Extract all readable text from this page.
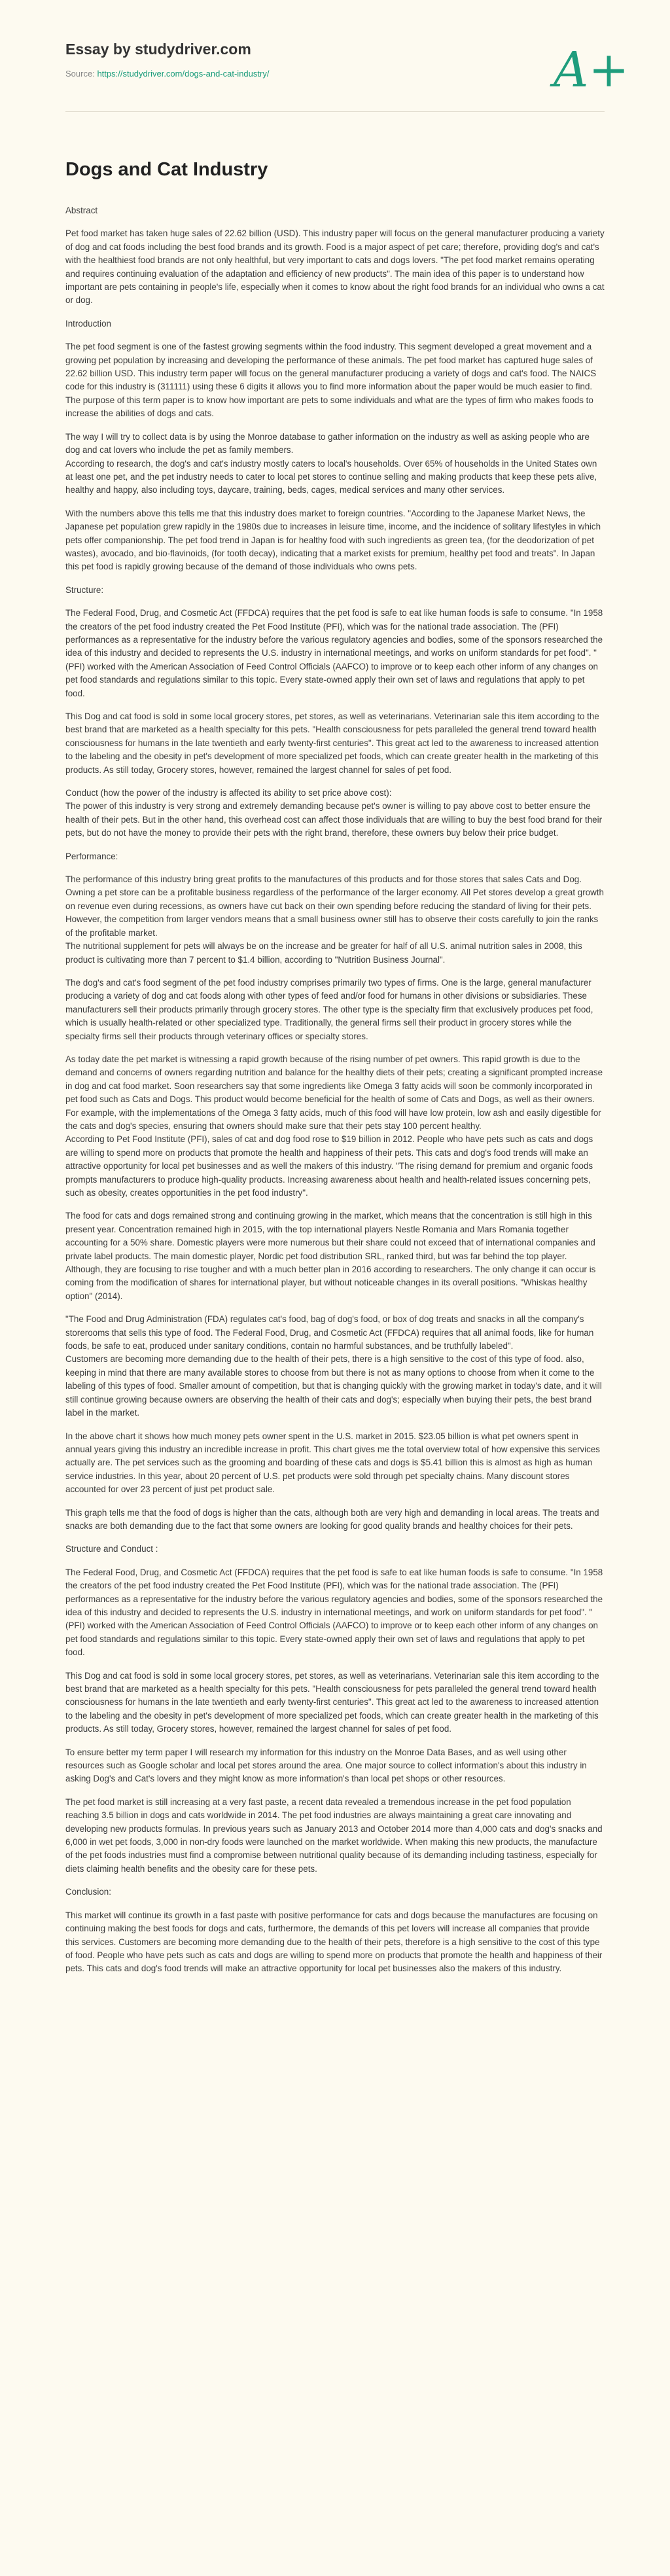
Essay by studydriver.com
Source: https://studydriver.com/dogs-and-cat-industry/	A+
Dogs and Cat Industry

Abstract

Pet food market has taken huge sales of 22.62 billion (USD). This industry paper will focus on the general manufacturer producing a variety of dog and cat foods including the best food brands and its growth. Food is a major aspect of pet care; therefore, providing dog's and cat's with the healthiest food brands are not only healthful, but very important to cats and dogs lovers. "The pet food market remains operating and requires continuing evaluation of the adaptation and efficiency of new products". The main idea of this paper is to understand how important are pets containing in people's life, especially when it comes to know about the right food brands for an individual who owns a cat or dog.

Introduction

The pet food segment is one of the fastest growing segments within the food industry. This segment developed a great movement and a growing pet population by increasing and developing the performance of these animals. The pet food market has captured huge sales of 22.62 billion USD. This industry term paper will focus on the general manufacturer producing a variety of dogs and cat's food. The NAICS code for this industry is (311111) using these 6 digits it allows you to find more information about the paper would be much easier to find. The purpose of this term paper is to know how important are pets to some individuals and what are the types of firm who makes foods to increase the abilities of dogs and cats.

The way I will try to collect data is by using the Monroe database to gather information on the industry as well as asking people who are dog and cat lovers who include the pet as family members.
According to research, the dog's and cat's industry mostly caters to local's households. Over 65% of households in the United States own at least one pet, and the pet industry needs to cater to local pet stores to continue selling and making products that keep these pets alive, healthy and happy, also including toys, daycare, training, beds, cages, medical services and many other services.

With the numbers above this tells me that this industry does market to foreign countries. "According to the Japanese Market News, the Japanese pet population grew rapidly in the 1980s due to increases in leisure time, income, and the incidence of solitary lifestyles in which pets offer companionship. The pet food trend in Japan is for healthy food with such ingredients as green tea, (for the deodorization of pet wastes), avocado, and bio-flavinoids, (for tooth decay), indicating that a market exists for premium, healthy pet food and treats". In Japan this pet food is rapidly growing because of the demand of those individuals who owns pets.

Structure:

The Federal Food, Drug, and Cosmetic Act (FFDCA) requires that the pet food is safe to eat like human foods is safe to consume. "In 1958 the creators of the pet food industry created the Pet Food Institute (PFI), which was for the national trade association. The (PFI) performances as a representative for the industry before the various regulatory agencies and bodies, some of the sponsors researched the idea of this industry and decided to represents the U.S. industry in international meetings, and works on uniform standards for pet food". "(PFI) worked with the American Association of Feed Control Officials (AAFCO) to improve or to keep each other inform of any changes on pet food standards and regulations similar to this topic. Every state-owned apply their own set of laws and regulations that apply to pet food.

This Dog and cat food is sold in some local grocery stores, pet stores, as well as veterinarians. Veterinarian sale this item according to the best brand that are marketed as a health specialty for this pets. "Health consciousness for pets paralleled the general trend toward health consciousness for humans in the late twentieth and early twenty-first centuries". This great act led to the awareness to increased attention to the labeling and the obesity in pet's development of more specialized pet foods, which can create greater health in the marketing of this products. As still today, Grocery stores, however, remained the largest channel for sales of pet food.

Conduct (how the power of the industry is affected its ability to set price above cost):
The power of this industry is very strong and extremely demanding because pet's owner is willing to pay above cost to better ensure the health of their pets. But in the other hand, this overhead cost can affect those individuals that are willing to buy the best food brand for their pets, but do not have the money to provide their pets with the right brand, therefore, these owners buy below their price budget.

Performance:

The performance of this industry bring great profits to the manufactures of this products and for those stores that sales Cats and Dog. Owning a pet store can be a profitable business regardless of the performance of the larger economy. All Pet stores develop a great growth on revenue even during recessions, as owners have cut back on their own spending before reducing the standard of living for their pets. However, the competition from larger vendors means that a small business owner still has to observe their costs carefully to join the ranks of the profitable market.
The nutritional supplement for pets will always be on the increase and be greater for half of all U.S. animal nutrition sales in 2008, this product is cultivating more than 7 percent to $1.4 billion, according to "Nutrition Business Journal".

The dog's and cat's food segment of the pet food industry comprises primarily two types of firms. One is the large, general manufacturer producing a variety of dog and cat foods along with other types of feed and/or food for humans in other divisions or subsidiaries. These manufacturers sell their products primarily through grocery stores. The other type is the specialty firm that exclusively produces pet food, which is usually health-related or other specialized type. Traditionally, the general firms sell their product in grocery stores while the specialty firms sell their products through veterinary offices or specialty stores.

As today date the pet market is witnessing a rapid growth because of the rising number of pet owners. This rapid growth is due to the demand and concerns of owners regarding nutrition and balance for the healthy diets of their pets; creating a significant prompted increase in dog and cat food market. Soon researchers say that some ingredients like Omega 3 fatty acids will soon be commonly incorporated in pet food such as Cats and Dogs. This product would become beneficial for the health of some of Cats and Dogs, as well as their owners. For example, with the implementations of the Omega 3 fatty acids, much of this food will have low protein, low ash and easily digestible for the cats and dog's species, ensuring that owners should make sure that their pets stay 100 percent healthy.
According to Pet Food Institute (PFI), sales of cat and dog food rose to $19 billion in 2012. People who have pets such as cats and dogs are willing to spend more on products that promote the health and happiness of their pets. This cats and dog's food trends will make an attractive opportunity for local pet businesses and as well the makers of this industry. "The rising demand for premium and organic foods prompts manufacturers to produce high-quality products. Increasing awareness about health and health-related issues concerning pets, such as obesity, creates opportunities in the pet food industry".

The food for cats and dogs remained strong and continuing growing in the market, which means that the concentration is still high in this present year. Concentration remained high in 2015, with the top international players Nestle Romania and Mars Romania together accounting for a 50% share. Domestic players were more numerous but their share could not exceed that of international companies and private label products. The main domestic player, Nordic pet food distribution SRL, ranked third, but was far behind the top player. Although, they are focusing to rise tougher and with a much better plan in 2016 according to researchers. The only change it can occur is coming from the modification of shares for international player, but without noticeable changes in its overall positions. "Whiskas healthy option" (2014).

"The Food and Drug Administration (FDA) regulates cat's food, bag of dog's food, or box of dog treats and snacks in all the company's storerooms that sells this type of food. The Federal Food, Drug, and Cosmetic Act (FFDCA) requires that all animal foods, like for human foods, be safe to eat, produced under sanitary conditions, contain no harmful substances, and be truthfully labeled".
Customers are becoming more demanding due to the health of their pets, there is a high sensitive to the cost of this type of food. also, keeping in mind that there are many available stores to choose from but there is not as many options to choose from when it come to the labeling of this types of food. Smaller amount of competition, but that is changing quickly with the growing market in today's date, and it will still continue growing because owners are observing the health of their cats and dog's; especially when buying their pets, the best brand label in the market.

In the above chart it shows how much money pets owner spent in the U.S. market in 2015. $23.05 billion is what pet owners spent in annual years giving this industry an incredible increase in profit. This chart gives me the total overview total of how expensive this services actually are. The pet services such as the grooming and boarding of these cats and dogs is $5.41 billion this is almost as high as human service industries. In this year, about 20 percent of U.S. pet products were sold through pet specialty chains. Many discount stores accounted for over 23 percent of just pet product sale.

This graph tells me that the food of dogs is higher than the cats, although both are very high and demanding in local areas. The treats and snacks are both demanding due to the fact that some owners are looking for good quality brands and healthy choices for their pets.

Structure and Conduct :

The Federal Food, Drug, and Cosmetic Act (FFDCA) requires that the pet food is safe to eat like human foods is safe to consume. "In 1958 the creators of the pet food industry created the Pet Food Institute (PFI), which was for the national trade association. The (PFI) performances as a representative for the industry before the various regulatory agencies and bodies, some of the sponsors researched the idea of this industry and decided to represents the U.S. industry in international meetings, and work on uniform standards for pet food". "(PFI) worked with the American Association of Feed Control Officials (AAFCO) to improve or to keep each other inform of any changes on pet food standards and regulations similar to this topic. Every state-owned apply their own set of laws and regulations that apply to pet food.

This Dog and cat food is sold in some local grocery stores, pet stores, as well as veterinarians. Veterinarian sale this item according to the best brand that are marketed as a health specialty for this pets. "Health consciousness for pets paralleled the general trend toward health consciousness for humans in the late twentieth and early twenty-first centuries". This great act led to the awareness to increased attention to the labeling and the obesity in pet's development of more specialized pet foods, which can create greater health in the marketing of this products. As still today, Grocery stores, however, remained the largest channel for sales of pet food.

To ensure better my term paper I will research my information for this industry on the Monroe Data Bases, and as well using other resources such as Google scholar and local pet stores around the area. One major source to collect information's about this industry in asking Dog's and Cat's lovers and they might know as more information's than local pet shops or other resources.

The pet food market is still increasing at a very fast paste, a recent data revealed a tremendous increase in the pet food population reaching 3.5 billion in dogs and cats worldwide in 2014. The pet food industries are always maintaining a great care innovating and developing new products formulas. In previous years such as January 2013 and October 2014 more than 4,000 cats and dog's snacks and 6,000 in wet pet foods, 3,000 in non-dry foods were launched on the market worldwide. When making this new products, the manufacture of the pet foods industries must find a compromise between nutritional quality because of its demanding including tastiness, especially for diets claiming health benefits and the obesity care for these pets.

Conclusion:

This market will continue its growth in a fast paste with positive performance for cats and dogs because the manufactures are focusing on continuing making the best foods for dogs and cats, furthermore, the demands of this pet lovers will increase all companies that provide this services. Customers are becoming more demanding due to the health of their pets, therefore is a high sensitive to the cost of this type of food. People who have pets such as cats and dogs are willing to spend more on products that promote the health and happiness of their pets. This cats and dog's food trends will make an attractive opportunity for local pet businesses also the makers of this industry.
